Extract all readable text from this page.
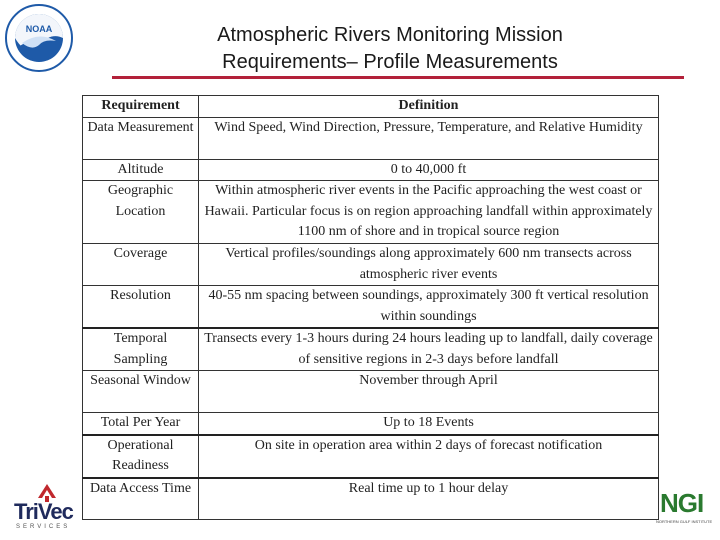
NOAA	Atmospheric Rivers Monitoring Mission
Requirements– Profile Measurements
Requirement	Definition
Data Measurement	Wind Speed, Wind Direction, Pressure, Temperature, and Relative Humidity
Altitude	0 to 40,000 ft
Geographic Location	Within atmospheric river events in the Pacific approaching the west coast or Hawaii. Particular focus is on region approaching landfall within approximately 1100 nm of shore and in tropical source region
Coverage	Vertical profiles/soundings along approximately 600 nm transects across atmospheric river events
Resolution	40-55 nm spacing between soundings, approximately 300 ft vertical resolution within soundings
Temporal Sampling	Transects every 1-3 hours during 24 hours leading up to landfall, daily coverage of sensitive regions in 2-3 days before landfall
Seasonal Window	November through April
Total Per Year	Up to 18 Events
Operational Readiness	On site in operation area within 2 days of forecast notification
Data Access Time	Real time up to 1 hour delay
TriVec
SERVICES
NGI
NORTHERN GULF INSTITUTE
